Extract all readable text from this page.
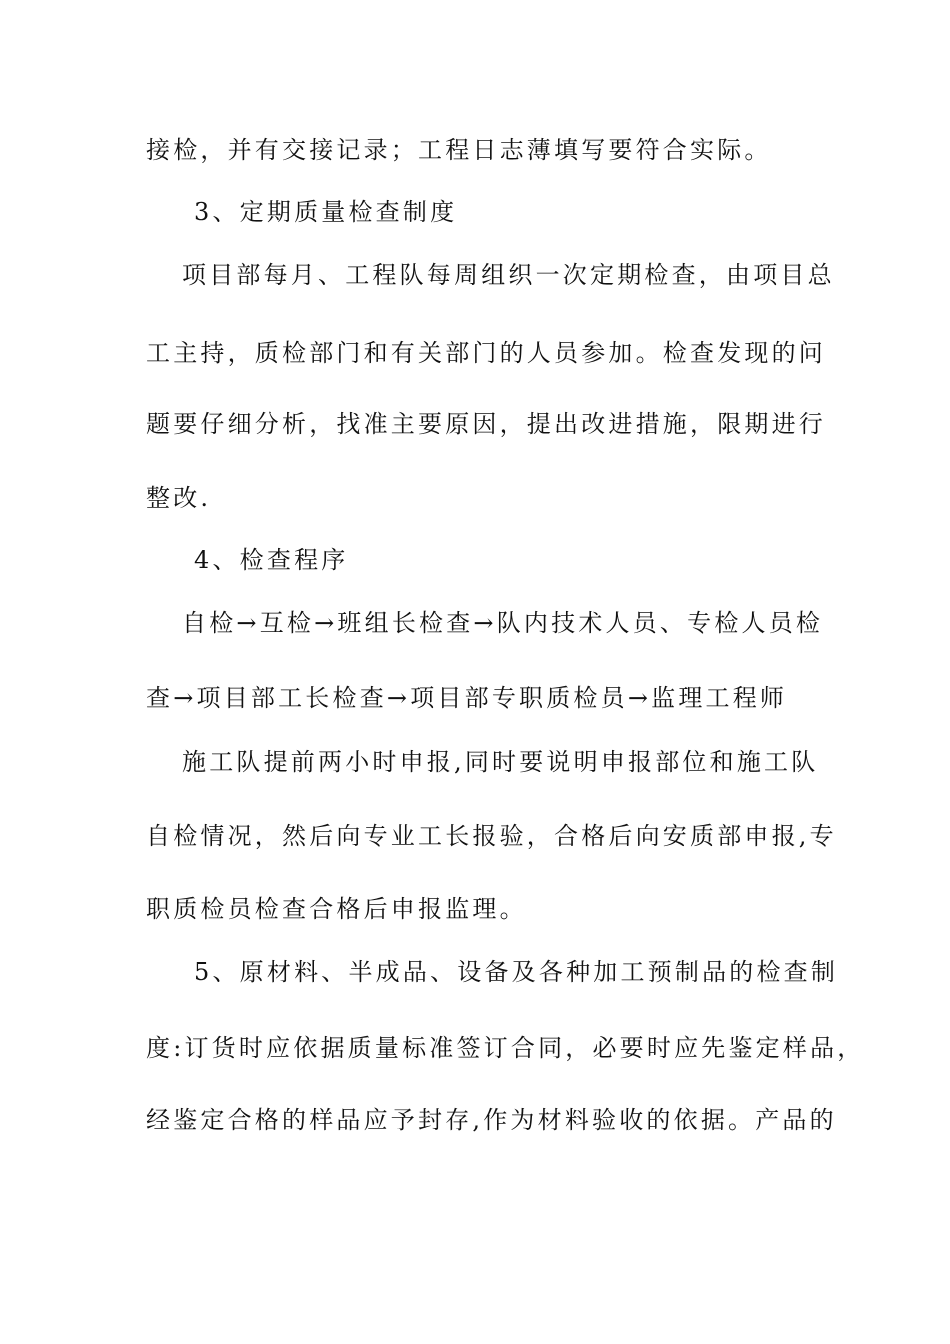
接检，并有交接记录；工程日志薄填写要符合实际。
3、定期质量检查制度
项目部每月、工程队每周组织一次定期检查，由项目总
工主持，质检部门和有关部门的人员参加。检查发现的问
题要仔细分析，找准主要原因，提出改进措施，限期进行
整改.
4、检查程序
自检→互检→班组长检查→队内技术人员、专检人员检
查→项目部工长检查→项目部专职质检员→监理工程师
施工队提前两小时申报,同时要说明申报部位和施工队
自检情况，然后向专业工长报验，合格后向安质部申报,专
职质检员检查合格后申报监理。
5、原材料、半成品、设备及各种加工预制品的检查制
度:订货时应依据质量标准签订合同，必要时应先鉴定样品，
经鉴定合格的样品应予封存,作为材料验收的依据。产品的
